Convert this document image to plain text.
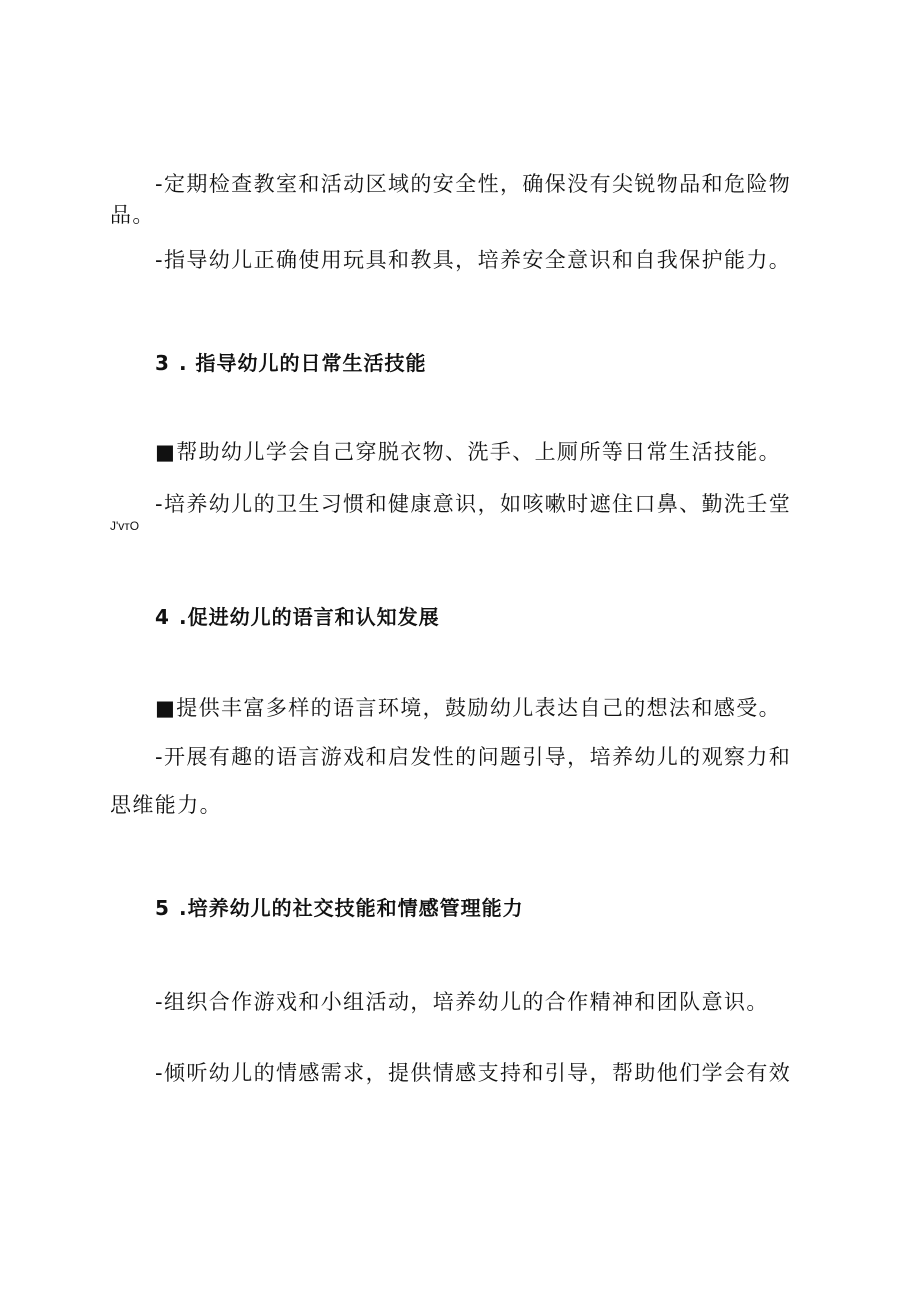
-定期检查教室和活动区域的安全性，确保没有尖锐物品和危险物
品。
-指导幼儿正确使用玩具和教具，培养安全意识和自我保护能力。
3 . 指导幼儿的日常生活技能
■帮助幼儿学会自己穿脱衣物、洗手、上厕所等日常生活技能。
-培养幼儿的卫生习惯和健康意识，如咳嗽时遮住口鼻、勤洗壬堂
J'vтO
4 .促进幼儿的语言和认知发展
■提供丰富多样的语言环境，鼓励幼儿表达自己的想法和感受。
-开展有趣的语言游戏和启发性的问题引导，培养幼儿的观察力和
思维能力。
5 .培养幼儿的社交技能和情感管理能力
-组织合作游戏和小组活动，培养幼儿的合作精神和团队意识。
-倾听幼儿的情感需求，提供情感支持和引导，帮助他们学会有效
